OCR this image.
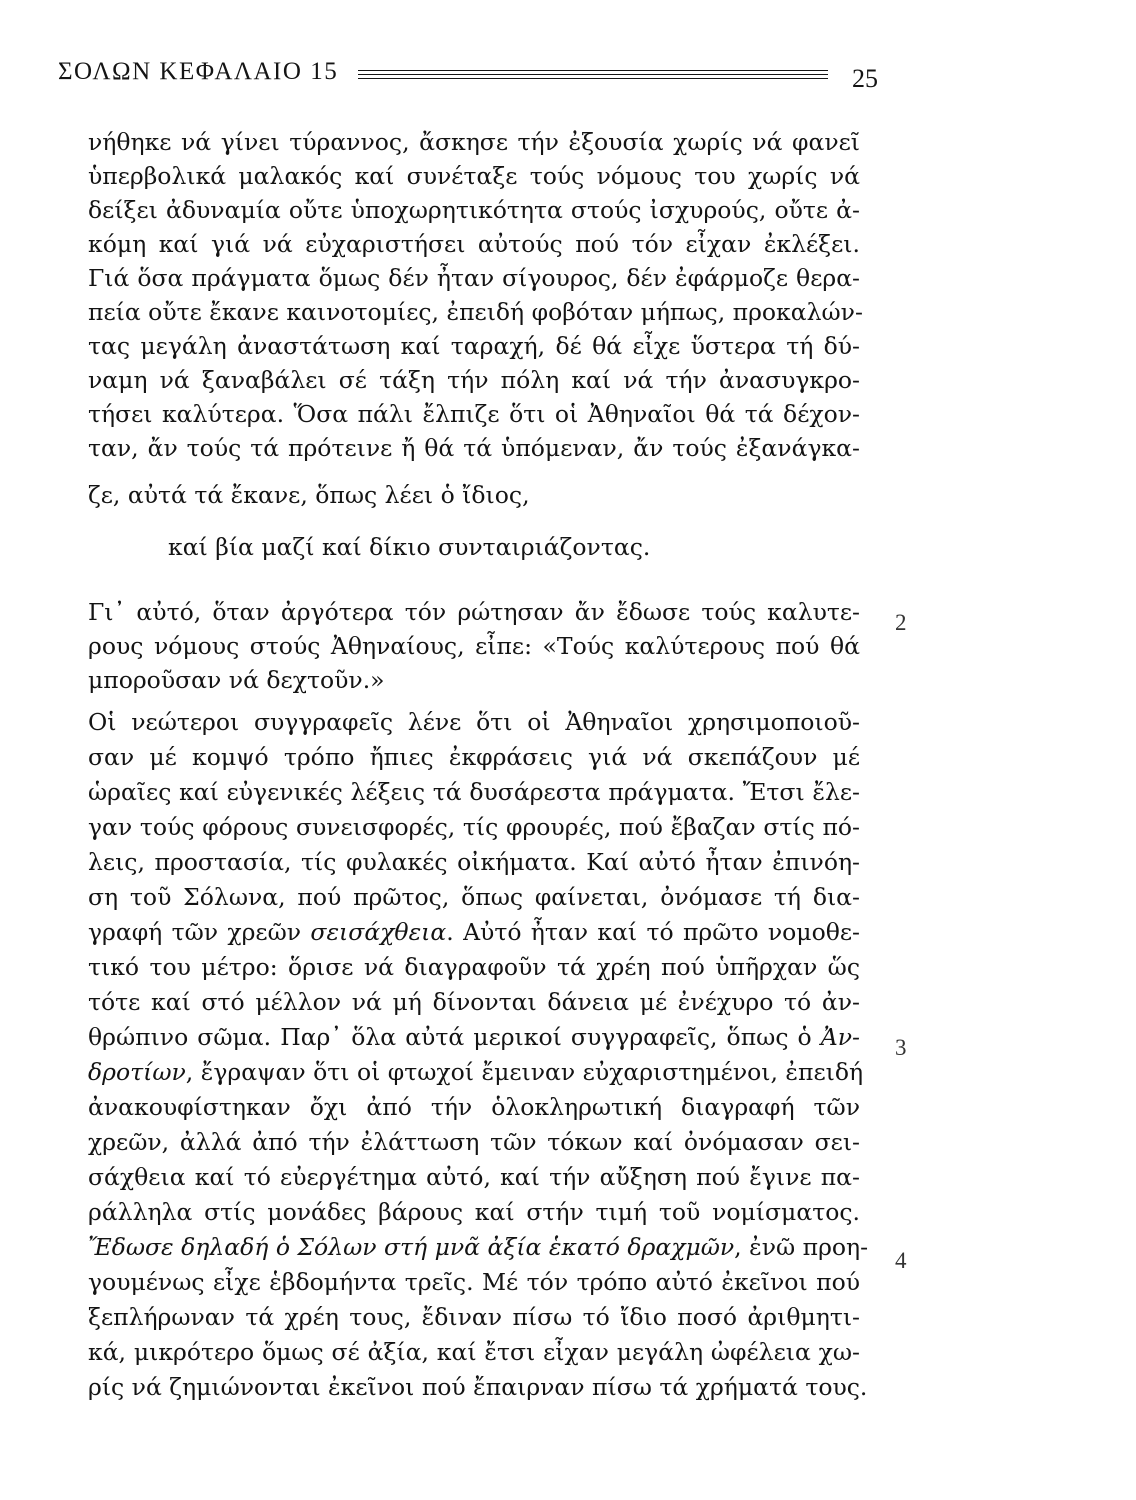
ΣΟΛΩΝ ΚΕΦΑΛΑΙΟ 15	25
νήθηκε νά γίνει τύραννος, ἄσκησε τήν ἐξουσία χωρίς νά φανεῖ
ὑπερβολικά μαλακός καί συνέταξε τούς νόμους του χωρίς νά
δείξει ἀδυναμία οὔτε ὑποχωρητικότητα στούς ἰσχυρούς, οὔτε ἀ-
κόμη καί γιά νά εὐχαριστήσει αὐτούς πού τόν εἶχαν ἐκλέξει.
Γιά ὅσα πράγματα ὅμως δέν ἦταν σίγουρος, δέν ἐφάρμοζε θερα-
πεία οὔτε ἔκανε καινοτομίες, ἐπειδή φοβόταν μήπως, προκαλών-
τας μεγάλη ἀναστάτωση καί ταραχή, δέ θά εἶχε ὕστερα τή δύ-
ναμη νά ξαναβάλει σέ τάξη τήν πόλη καί νά τήν ἀνασυγκρο-
τήσει καλύτερα. Ὅσα πάλι ἔλπιζε ὅτι οἱ Ἀθηναῖοι θά τά δέχον-
ταν, ἄν τούς τά πρότεινε ἤ θά τά ὑπόμεναν, ἄν τούς ἐξανάγκα-
ζε, αὐτά τά ἔκανε, ὅπως λέει ὁ ἴδιος,
καί βία μαζί καί δίκιο συνταιριάζοντας.
Γι᾿ αὐτό, ὅταν ἀργότερα τόν ρώτησαν ἄν ἔδωσε τούς καλυτε-
ρους νόμους στούς Ἀθηναίους, εἶπε: «Τούς καλύτερους πού θά
μποροῦσαν νά δεχτοῦν.»
Οἱ νεώτεροι συγγραφεῖς λένε ὅτι οἱ Ἀθηναῖοι χρησιμοποιοῦ-
σαν μέ κομψό τρόπο ἤπιες ἐκφράσεις γιά νά σκεπάζουν μέ
ὡραῖες καί εὐγενικές λέξεις τά δυσάρεστα πράγματα. Ἔτσι ἔλε-
γαν τούς φόρους συνεισφορές, τίς φρουρές, πού ἔβαζαν στίς πό-
λεις, προστασία, τίς φυλακές οἰκήματα. Καί αὐτό ἦταν ἐπινόη-
ση τοῦ Σόλωνα, πού πρῶτος, ὅπως φαίνεται, ὀνόμασε τή δια-
γραφή τῶν χρεῶν σεισάχθεια. Αὐτό ἦταν καί τό πρῶτο νομοθε-
τικό του μέτρο: ὅρισε νά διαγραφοῦν τά χρέη πού ὑπῆρχαν ὥς
τότε καί στό μέλλον νά μή δίνονται δάνεια μέ ἐνέχυρο τό ἀν-
θρώπινο σῶμα. Παρ᾿ ὅλα αὐτά μερικοί συγγραφεῖς, ὅπως ὁ Ἀν-
δροτίων, ἔγραψαν ὅτι οἱ φτωχοί ἔμειναν εὐχαριστημένοι, ἐπειδή
ἀνακουφίστηκαν ὄχι ἀπό τήν ὁλοκληρωτική διαγραφή τῶν
χρεῶν, ἀλλά ἀπό τήν ἐλάττωση τῶν τόκων καί ὀνόμασαν σει-
σάχθεια καί τό εὐεργέτημα αὐτό, καί τήν αὔξηση πού ἔγινε πα-
ράλληλα στίς μονάδες βάρους καί στήν τιμή τοῦ νομίσματος.
Ἔδωσε δηλαδή ὁ Σόλων στή μνᾶ ἀξία ἑκατό δραχμῶν, ἐνῶ προη-
γουμένως εἶχε ἑβδομήντα τρεῖς. Μέ τόν τρόπο αὐτό ἐκεῖνοι πού
ξεπλήρωναν τά χρέη τους, ἔδιναν πίσω τό ἴδιο ποσό ἀριθμητι-
κά, μικρότερο ὅμως σέ ἀξία, καί ἔτσι εἶχαν μεγάλη ὠφέλεια χω-
ρίς νά ζημιώνονται ἐκεῖνοι πού ἔπαιρναν πίσω τά χρήματά τους.
2
3
4
